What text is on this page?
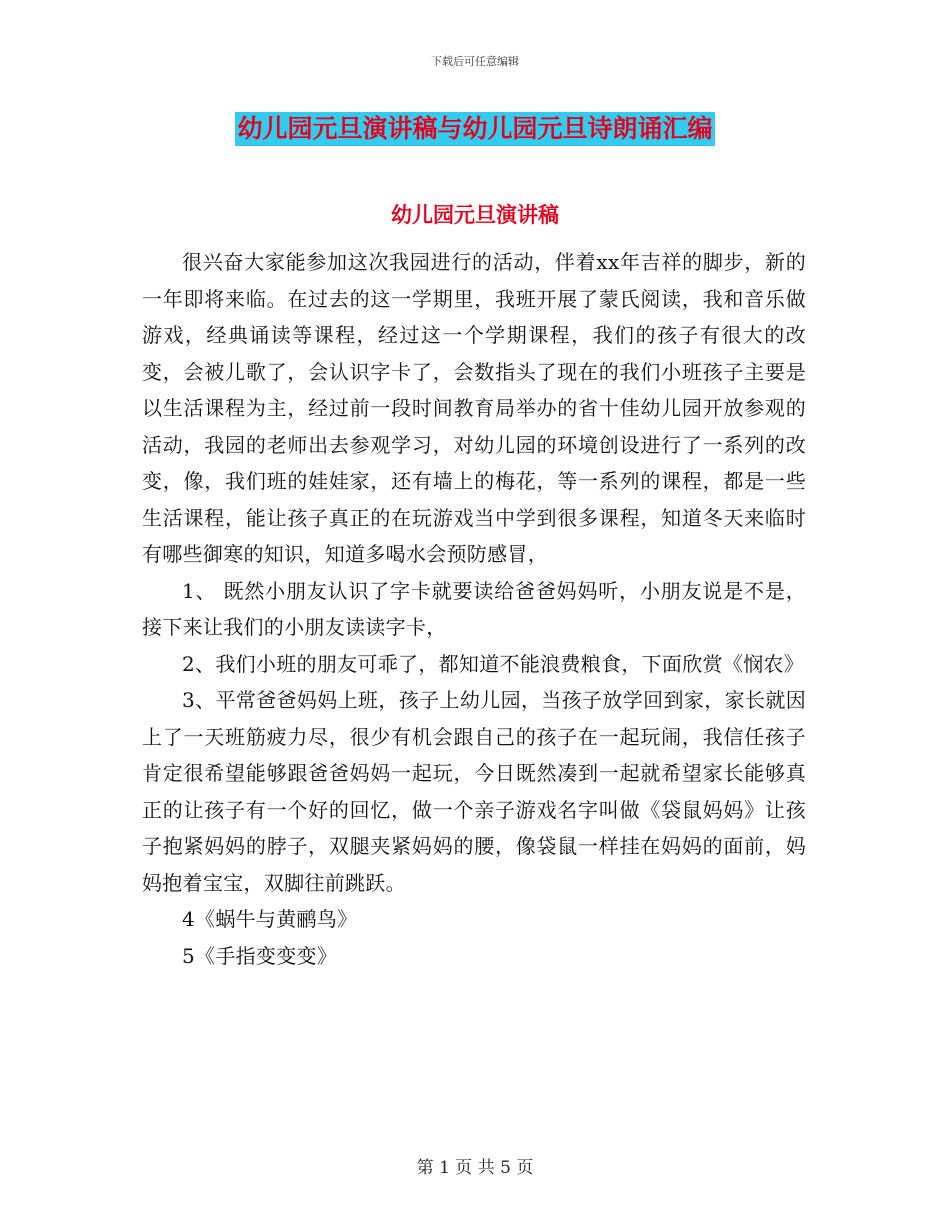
下载后可任意编辑
幼儿园元旦演讲稿与幼儿园元旦诗朗诵汇编
幼儿园元旦演讲稿

很兴奋大家能参加这次我园进行的活动，伴着xx年吉祥的脚步，新的一年即将来临。在过去的这一学期里，我班开展了蒙氏阅读，我和音乐做游戏，经典诵读等课程，经过这一个学期课程，我们的孩子有很大的改变，会被儿歌了，会认识字卡了，会数指头了现在的我们小班孩子主要是以生活课程为主，经过前一段时间教育局举办的省十佳幼儿园开放参观的活动，我园的老师出去参观学习，对幼儿园的环境创设进行了一系列的改变，像，我们班的娃娃家，还有墙上的梅花，等一系列的课程，都是一些生活课程，能让孩子真正的在玩游戏当中学到很多课程，知道冬天来临时有哪些御寒的知识，知道多喝水会预防感冒，

1、 既然小朋友认识了字卡就要读给爸爸妈妈听，小朋友说是不是， 接下来让我们的小朋友读读字卡，

2、我们小班的朋友可乖了，都知道不能浪费粮食，下面欣赏《悯农》

3、平常爸爸妈妈上班，孩子上幼儿园，当孩子放学回到家，家长就因上了一天班筋疲力尽，很少有机会跟自己的孩子在一起玩闹，我信任孩子肯定很希望能够跟爸爸妈妈一起玩，今日既然凑到一起就希望家长能够真正的让孩子有一个好的回忆，做一个亲子游戏名字叫做《袋鼠妈妈》让孩子抱紧妈妈的脖子，双腿夹紧妈妈的腰，像袋鼠一样挂在妈妈的面前，妈妈抱着宝宝，双脚往前跳跃。

4《蜗牛与黄鹂鸟》

5《手指变变变》

第 1 页 共 5 页
